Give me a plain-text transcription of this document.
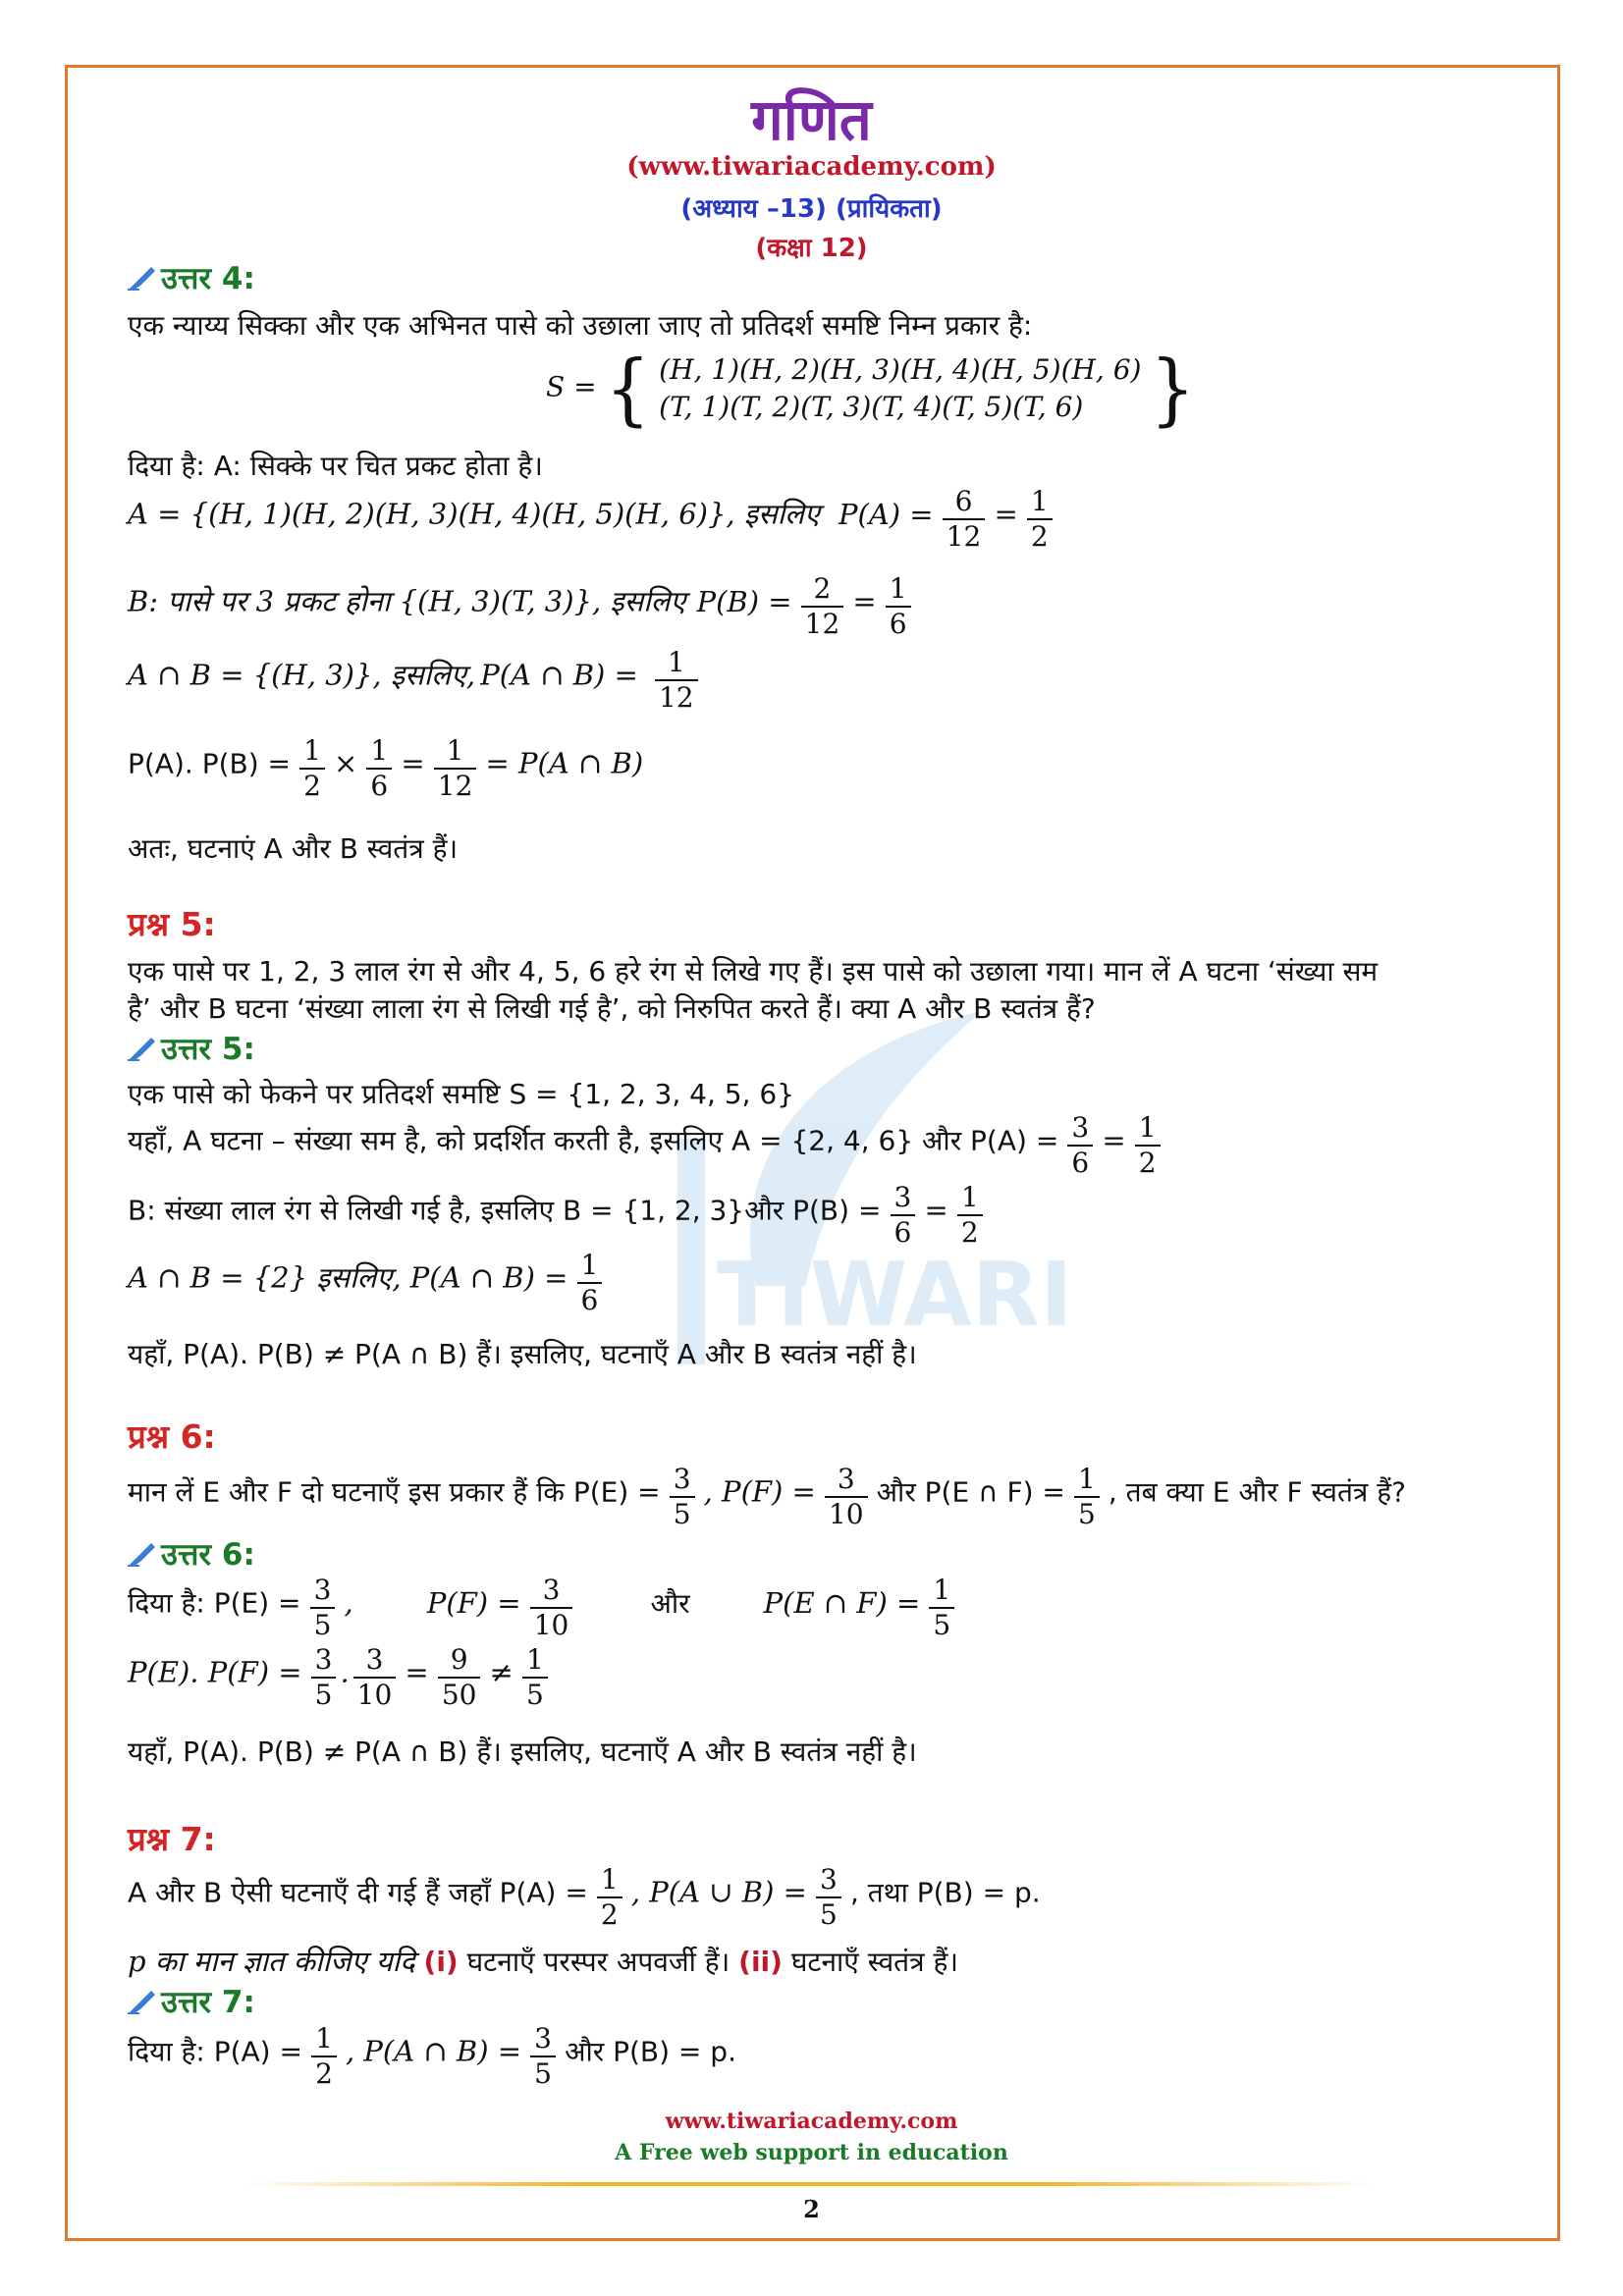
TIWARI
गणित
(www.tiwariacademy.com)
(अध्याय –13) (प्रायिकता)
(कक्षा 12)
उत्तर 4:
एक न्याय्य सिक्का और एक अभिनत पासे को उछाला जाए तो प्रतिदर्श समष्टि निम्न प्रकार है:
S = { (H, 1)(H, 2)(H, 3)(H, 4)(H, 5)(H, 6)
(T, 1)(T, 2)(T, 3)(T, 4)(T, 5)(T, 6) }
दिया है: A: सिक्के पर चित प्रकट होता है।
A = {(H, 1)(H, 2)(H, 3)(H, 4)(H, 5)(H, 6)}, इसलिए $P(A) = \frac{6}{12} = \frac{1}{2}$
B: पासे पर 3 प्रकट होना {(H, 3)(T, 3)}, इसलिए $P(B) = \frac{2}{12} = \frac{1}{6}$
A ∩ B = {(H, 3)}, इसलिए, P(A ∩ $B) = \frac{1}{12}$
P(A). $P(B) = \frac{1}{2} \times \frac{1}{6} = \frac{1}{12} = P(A$ ∩ B)
अतः, घटनाएं A और B स्वतंत्र हैं।
प्रश्न 5:
एक पासे पर 1, 2, 3 लाल रंग से और 4, 5, 6 हरे रंग से लिखे गए हैं। इस पासे को उछाला गया। मान लें A घटना ‘संख्या सम
है’ और B घटना ‘संख्या लाला रंग से लिखी गई है’, को निरुपित करते हैं। क्या A और B स्वतंत्र हैं?
उत्तर 5:
एक पासे को फेकने पर प्रतिदर्श समष्टि S = {1, 2, 3, 4, 5, 6}
यहाँ, A घटना – संख्या सम है, को प्रदर्शित करती है, इसलिए A = {2, 4, 6} और $P(A) = \frac{3}{6} = \frac{1}{2}$
B: संख्या लाल रंग से लिखी गई है, इसलिए B = {1, 2, 3}और $P(B) = \frac{3}{6} = \frac{1}{2}$
A ∩ B = {2} इसलिए, P(A ∩ $B) = \frac{1}{6}$
यहाँ, P(A). P(B) ≠ P(A ∩ B) हैं। इसलिए, घटनाएँ A और B स्वतंत्र नहीं है।
प्रश्न 6:
मान लें E और F दो घटनाएँ इस प्रकार हैं कि $P(E) = \frac{3}{5}$ , $P(F) = \frac{3}{10}$ और P(E ∩ $F) = \frac{1}{5}$ , तब क्या E और F स्वतंत्र हैं?
उत्तर 6:
दिया है: $P(E) = \frac{3}{5}$ ,	$P(F) = \frac{3}{10}$	और	P(E ∩ $F) = \frac{1}{5}$
P(E). $P(F) = \frac{3}{5}$ . $\frac{3}{10} = \frac{9}{50} \ne \frac{1}{5}$
यहाँ, P(A). P(B) ≠ P(A ∩ B) हैं। इसलिए, घटनाएँ A और B स्वतंत्र नहीं है।
प्रश्न 7:
A और B ऐसी घटनाएँ दी गई हैं जहाँ $P(A) = \frac{1}{2}$ , P(A ∪ $B) = \frac{3}{5}$ , तथा P(B) = p.
p का मान ज्ञात कीजिए यदि (i) घटनाएँ परस्पर अपवर्जी हैं। (ii) घटनाएँ स्वतंत्र हैं।
उत्तर 7:
दिया है: $P(A) = \frac{1}{2}$ , P(A ∩ $B) = \frac{3}{5}$ और P(B) = p.
www.tiwariacademy.com
A Free web support in education
2
